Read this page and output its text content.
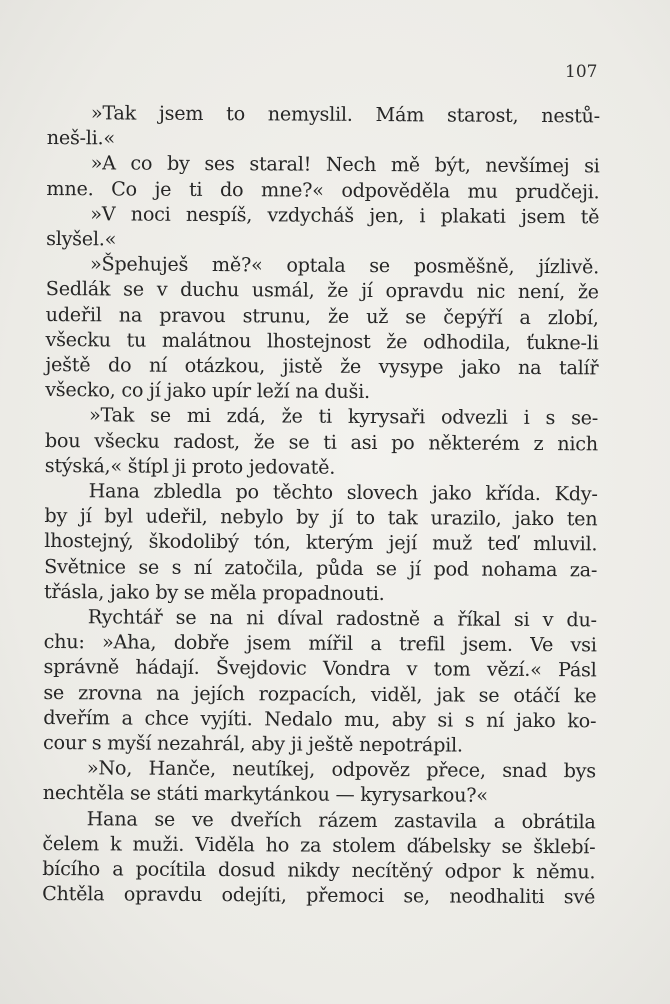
107
»Tak jsem to nemyslil. Mám starost, nestů-
neš-li.«
»A co by ses staral! Nech mě být, nevšímej si
mne. Co je ti do mne?« odpověděla mu prudčeji.
»V noci nespíš, vzdycháš jen, i plakati jsem tě
slyšel.«
»Špehuješ mě?« optala se posměšně, jízlivě.
Sedlák se v duchu usmál, že jí opravdu nic není, že
udeřil na pravou strunu, že už se čepýří a zlobí,
všecku tu malátnou lhostejnost že odhodila, ťukne-li
ještě do ní otázkou, jistě že vysype jako na talíř
všecko, co jí jako upír leží na duši.
»Tak se mi zdá, že ti kyrysaři odvezli i s se-
bou všecku radost, že se ti asi po některém z nich
stýská,« štípl ji proto jedovatě.
Hana zbledla po těchto slovech jako křída. Kdy-
by jí byl udeřil, nebylo by jí to tak urazilo, jako ten
lhostejný, škodolibý tón, kterým její muž teď mluvil.
Světnice se s ní zatočila, půda se jí pod nohama za-
třásla, jako by se měla propadnouti.
Rychtář se na ni díval radostně a říkal si v du-
chu: »Aha, dobře jsem mířil a trefil jsem. Ve vsi
správně hádají. Švejdovic Vondra v tom vězí.« Pásl
se zrovna na jejích rozpacích, viděl, jak se otáčí ke
dveřím a chce vyjíti. Nedalo mu, aby si s ní jako ko-
cour s myší nezahrál, aby ji ještě nepotrápil.
»No, Hanče, neutíkej, odpověz přece, snad bys
nechtěla se státi markytánkou — kyrysarkou?«
Hana se ve dveřích rázem zastavila a obrátila
čelem k muži. Viděla ho za stolem ďábelsky se šklebí-
bícího a pocítila dosud nikdy necítěný odpor k němu.
Chtěla opravdu odejíti, přemoci se, neodhaliti své
